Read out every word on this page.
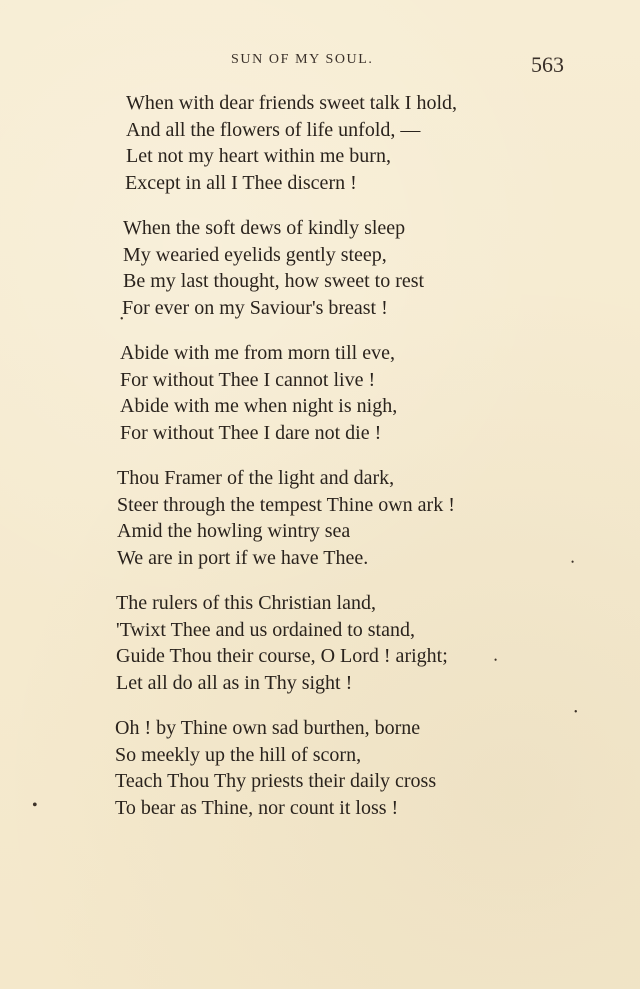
SUN OF MY SOUL.	563
When with dear friends sweet talk I hold,
And all the flowers of life unfold, —
Let not my heart within me burn,
Except in all I Thee discern !
When the soft dews of kindly sleep
My wearied eyelids gently steep,
Be my last thought, how sweet to rest
For ever on my Saviour's breast !
Abide with me from morn till eve,
For without Thee I cannot live !
Abide with me when night is nigh,
For without Thee I dare not die !
Thou Framer of the light and dark,
Steer through the tempest Thine own ark !
Amid the howling wintry sea
We are in port if we have Thee.
The rulers of this Christian land,
'Twixt Thee and us ordained to stand,
Guide Thou their course, O Lord ! aright;
Let all do all as in Thy sight !
Oh ! by Thine own sad burthen, borne
So meekly up the hill of scorn,
Teach Thou Thy priests their daily cross
To bear as Thine, nor count it loss !
•
•
•
•
•
